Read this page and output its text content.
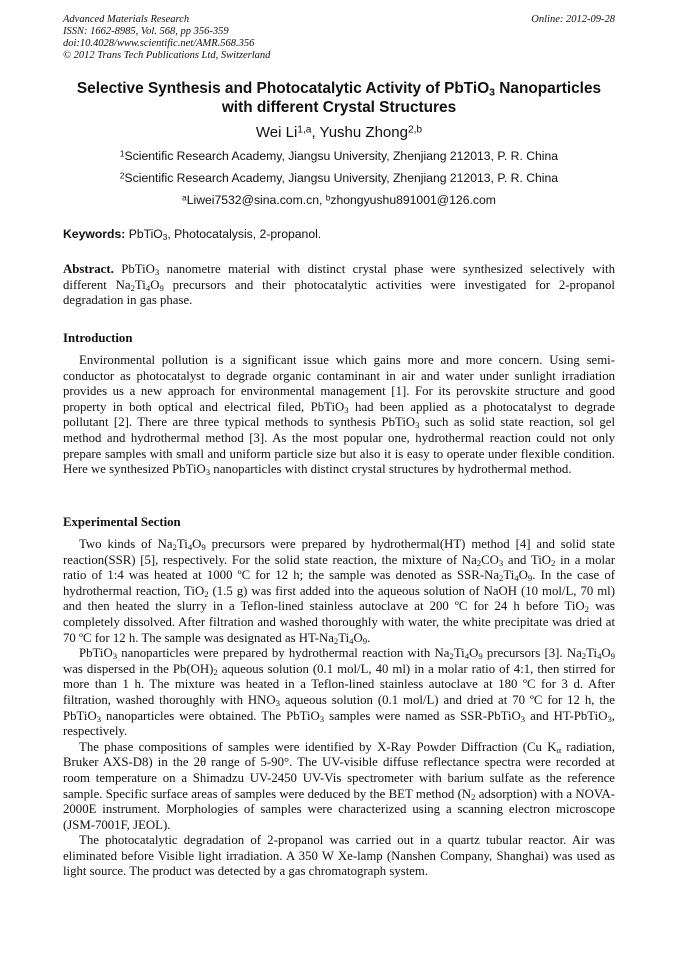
Advanced Materials Research
ISSN: 1662-8985, Vol. 568, pp 356-359
doi:10.4028/www.scientific.net/AMR.568.356
© 2012 Trans Tech Publications Ltd, Switzerland
Online: 2012-09-28
Selective Synthesis and Photocatalytic Activity of PbTiO$_3$ Nanoparticles
with different Crystal Structures
Wei Li$^{1,a}$, Yushu Zhong$^{2,b}$
$^1$Scientific Research Academy, Jiangsu University, Zhenjiang 212013, P. R. China
$^2$Scientific Research Academy, Jiangsu University, Zhenjiang 212013, P. R. China
$^a$Liwei7532@sina.com.cn, $^b$zhongyushu891001@126.com
Keywords: PbTiO$_3$, Photocatalysis, 2-propanol.

Abstract. PbTiO$_3$ nanometre material with distinct crystal phase were synthesized selectively with different $Na_2Ti_4O_9$ precursors and their photocatalytic activities were investigated for 2-propanol degradation in gas phase.

Introduction

Environmental pollution is a significant issue which gains more and more concern. Using semi-conductor as photocatalyst to degrade organic contaminant in air and water under sunlight irradiation provides us a new approach for environmental management [1]. For its perovskite structure and good property in both optical and electrical filed, PbTiO$_3$ had been applied as a photocatalyst to degrade pollutant [2]. There are three typical methods to synthesis PbTiO$_3$ such as solid state reaction, sol gel method and hydrothermal method [3]. As the most popular one, hydrothermal reaction could not only prepare samples with small and uniform particle size but also it is easy to operate under flexible condition. Here we synthesized PbTiO$_3$ nanoparticles with distinct crystal structures by hydrothermal method.

Experimental Section

Two kinds of $Na_2Ti_4O_9$ precursors were prepared by hydrothermal(HT) method [4] and solid state reaction(SSR) [5], respectively. For the solid state reaction, the mixture of $Na_2CO_3$ and TiO$_2$ in a molar ratio of 1:4 was heated at 1000 ºC for 12 h; the sample was denoted as SSR-$Na_2Ti_4O_9$. In the case of hydrothermal reaction, TiO$_2$ (1.5 g) was first added into the aqueous solution of NaOH (10 mol/L, 70 ml) and then heated the slurry in a Teflon-lined stainless autoclave at 200 ºC for 24 h before TiO$_2$ was completely dissolved. After filtration and washed thoroughly with water, the white precipitate was dried at 70 ºC for 12 h. The sample was designated as $HT-Na_2Ti_4O_9$.

PbTiO$_3$ nanoparticles were prepared by hydrothermal reaction with $Na_2Ti_4O_9$ precursors [3]. $Na_2Ti_4O_9$ was dispersed in the $Pb(OH)_2$ aqueous solution (0.1 mol/L, 40 ml) in a molar ratio of 4:1, then stirred for more than 1 h. The mixture was heated in a Teflon-lined stainless autoclave at 180 ºC for 3 d. After filtration, washed thoroughly with $HNO_3$ aqueous solution (0.1 mol/L) and dried at 70 ºC for 12 h, the PbTiO$_3$ nanoparticles were obtained. The PbTiO$_3$ samples were named as SSR-PbTiO$_3$ and HT-PbTiO$_3$, respectively.

The phase compositions of samples were identified by X-Ray Powder Diffraction (Cu $K_\alpha$ radiation, Bruker AXS-D8) in the 2θ range of 5-90°. The UV-visible diffuse reflectance spectra were recorded at room temperature on a Shimadzu UV-2450 UV-Vis spectrometer with barium sulfate as the reference sample. Specific surface areas of samples were deduced by the BET method ($N_2$ adsorption) with a NOVA-2000E instrument. Morphologies of samples were characterized using a scanning electron microscope (JSM-7001F, JEOL).

The photocatalytic degradation of 2-propanol was carried out in a quartz tubular reactor. Air was eliminated before Visible light irradiation. A 350 W Xe-lamp (Nanshen Company, Shanghai) was used as light source. The product was detected by a gas chromatograph system.
